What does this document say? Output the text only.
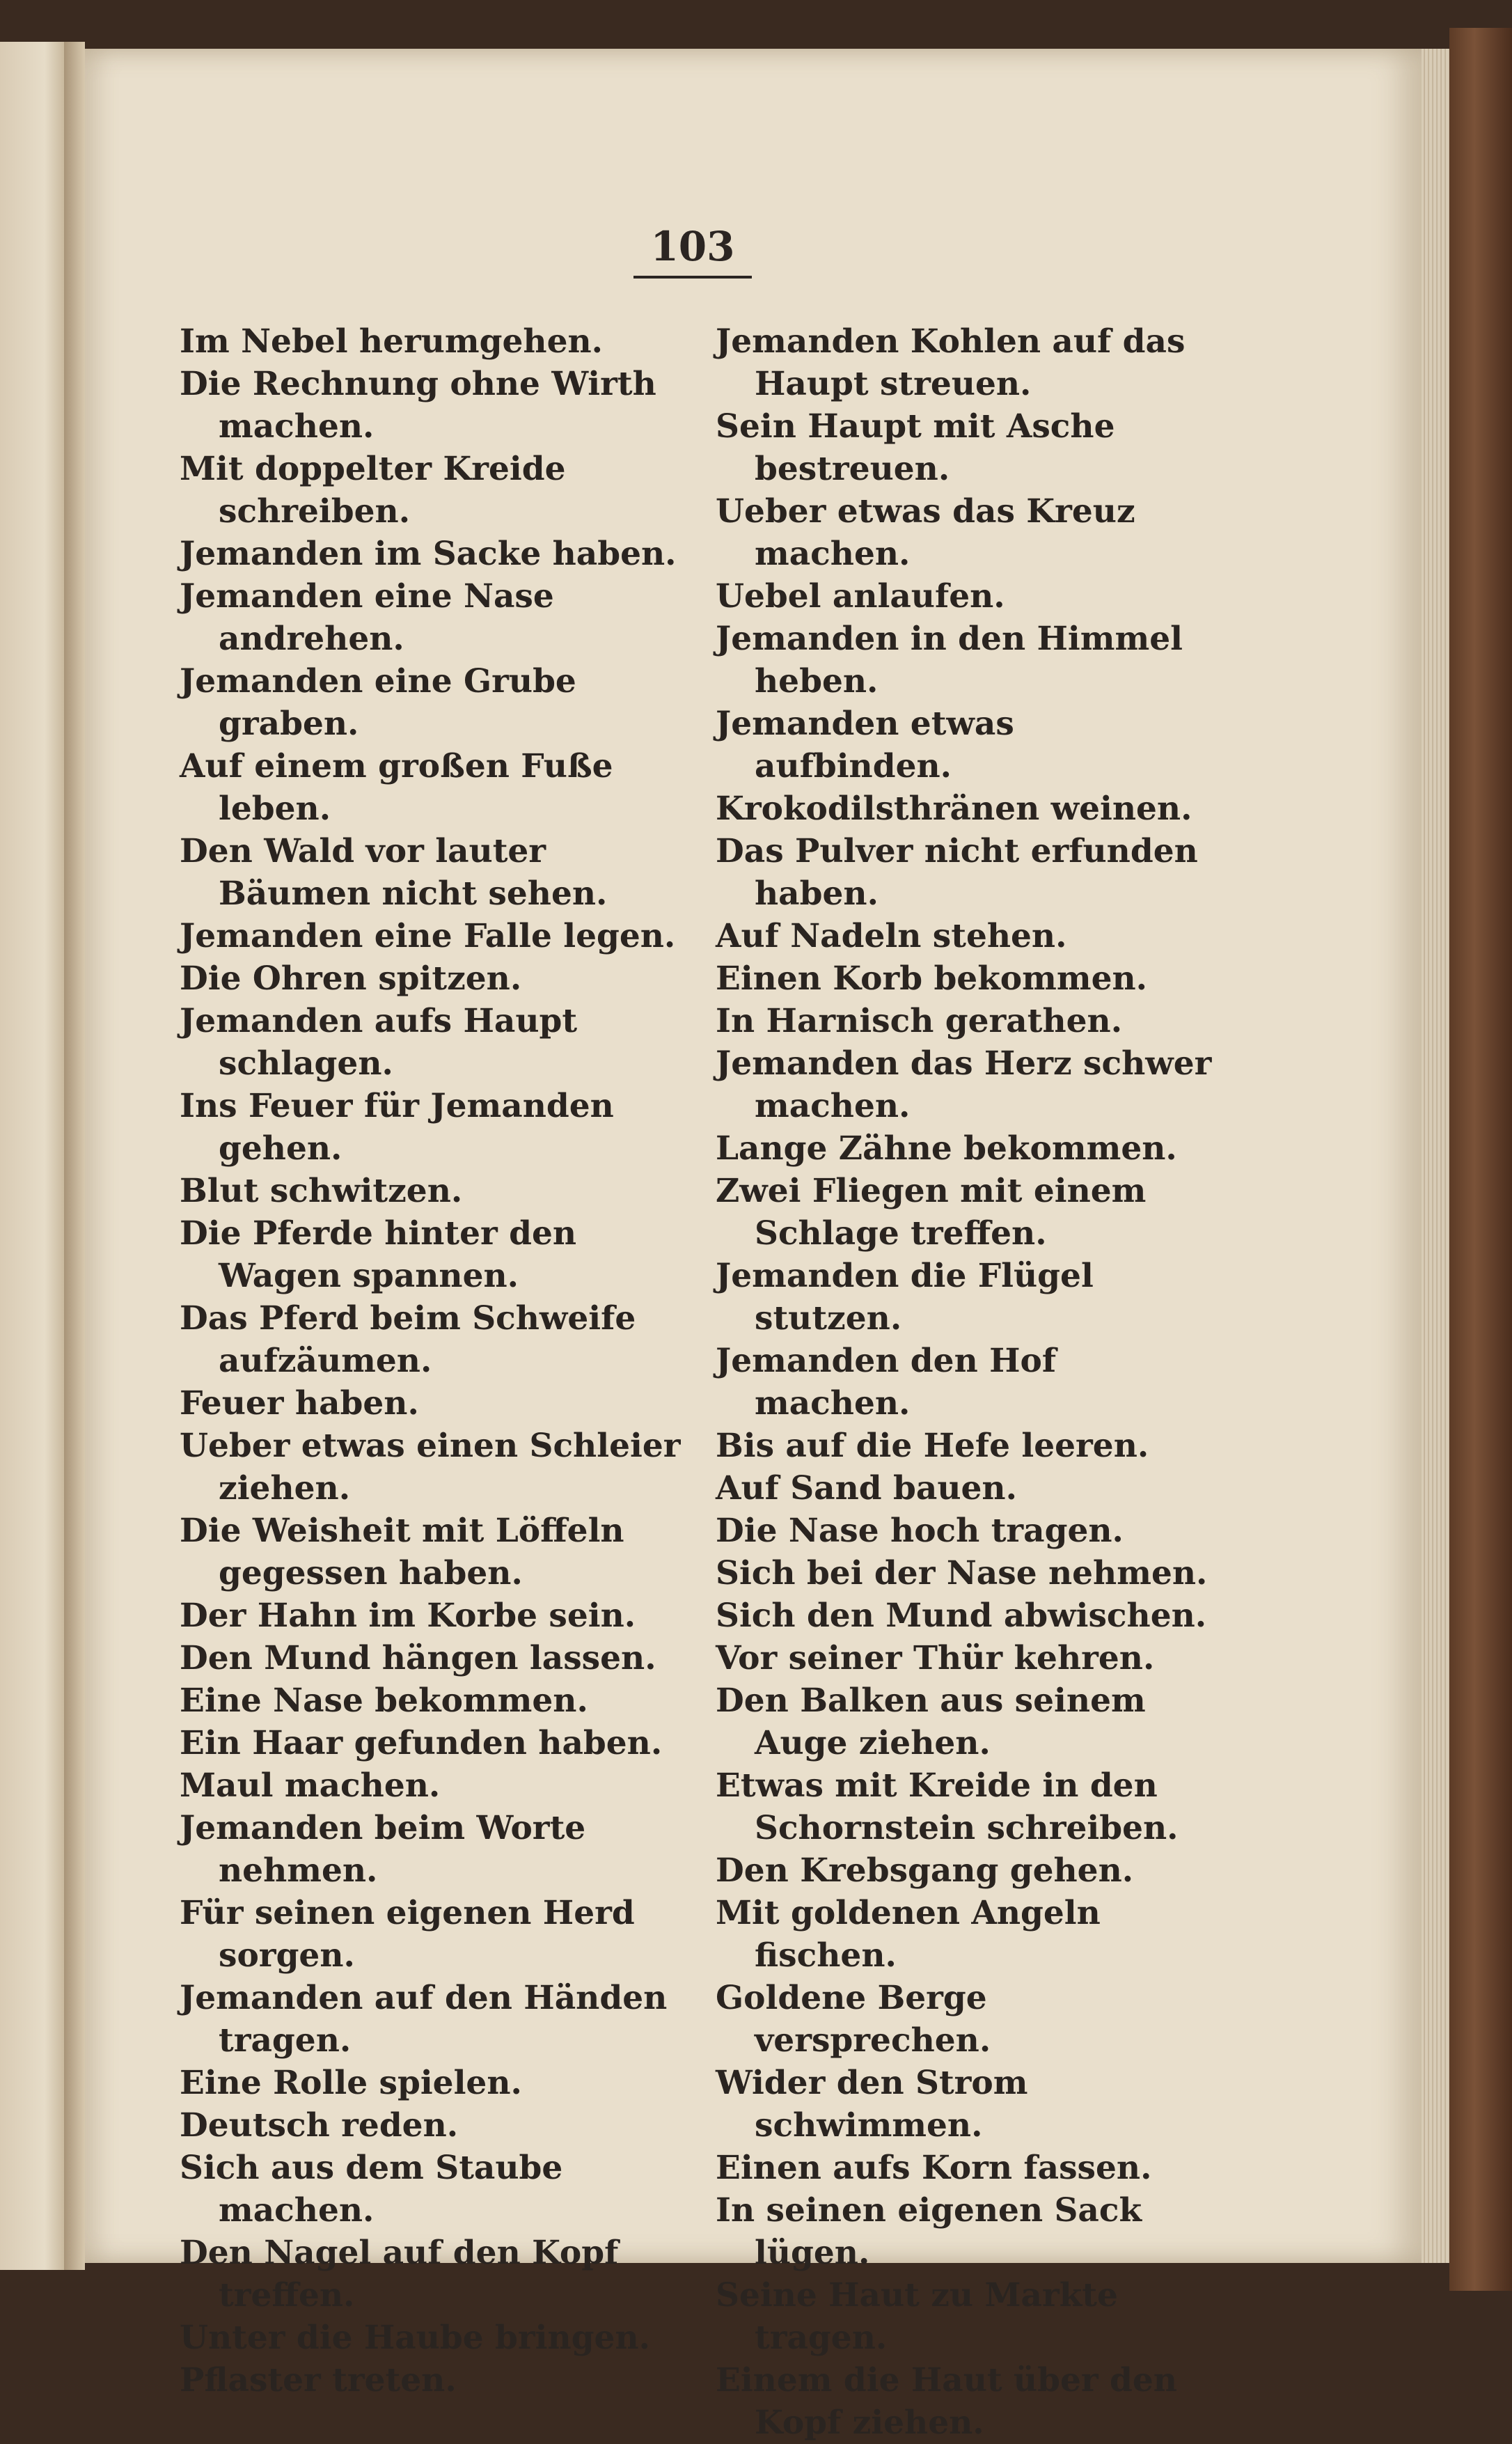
103
Im Nebel herumgehen.
Die Rechnung ohne Wirth machen.
Mit doppelter Kreide schreiben.
Jemanden im Sacke haben.
Jemanden eine Nase andrehen.
Jemanden eine Grube graben.
Auf einem großen Fuße leben.
Den Wald vor lauter Bäumen nicht sehen.
Jemanden eine Falle legen.
Die Ohren spitzen.
Jemanden aufs Haupt schlagen.
Ins Feuer für Jemanden gehen.
Blut schwitzen.
Die Pferde hinter den Wagen spannen.
Das Pferd beim Schweife aufzäumen.
Feuer haben.
Ueber etwas einen Schleier ziehen.
Die Weisheit mit Löffeln gegessen haben.
Der Hahn im Korbe sein.
Den Mund hängen lassen.
Eine Nase bekommen.
Ein Haar gefunden haben.
Maul machen.
Jemanden beim Worte nehmen.
Für seinen eigenen Herd sorgen.
Jemanden auf den Händen tragen.
Eine Rolle spielen.
Deutsch reden.
Sich aus dem Staube machen.
Den Nagel auf den Kopf treffen.
Unter die Haube bringen.
Pflaster treten.
Jemanden Kohlen auf das Haupt streuen.
Sein Haupt mit Asche bestreuen.
Ueber etwas das Kreuz machen.
Uebel anlaufen.
Jemanden in den Himmel heben.
Jemanden etwas aufbinden.
Krokodilsthränen weinen.
Das Pulver nicht erfunden haben.
Auf Nadeln stehen.
Einen Korb bekommen.
In Harnisch gerathen.
Jemanden das Herz schwer machen.
Lange Zähne bekommen.
Zwei Fliegen mit einem Schlage treffen.
Jemanden die Flügel stutzen.
Jemanden den Hof machen.
Bis auf die Hefe leeren.
Auf Sand bauen.
Die Nase hoch tragen.
Sich bei der Nase nehmen.
Sich den Mund abwischen.
Vor seiner Thür kehren.
Den Balken aus seinem Auge ziehen.
Etwas mit Kreide in den Schornstein schreiben.
Den Krebsgang gehen.
Mit goldenen Angeln fischen.
Goldene Berge versprechen.
Wider den Strom schwimmen.
Einen aufs Korn fassen.
In seinen eigenen Sack lügen.
Seine Haut zu Markte tragen.
Einem die Haut über den Kopf ziehen.
